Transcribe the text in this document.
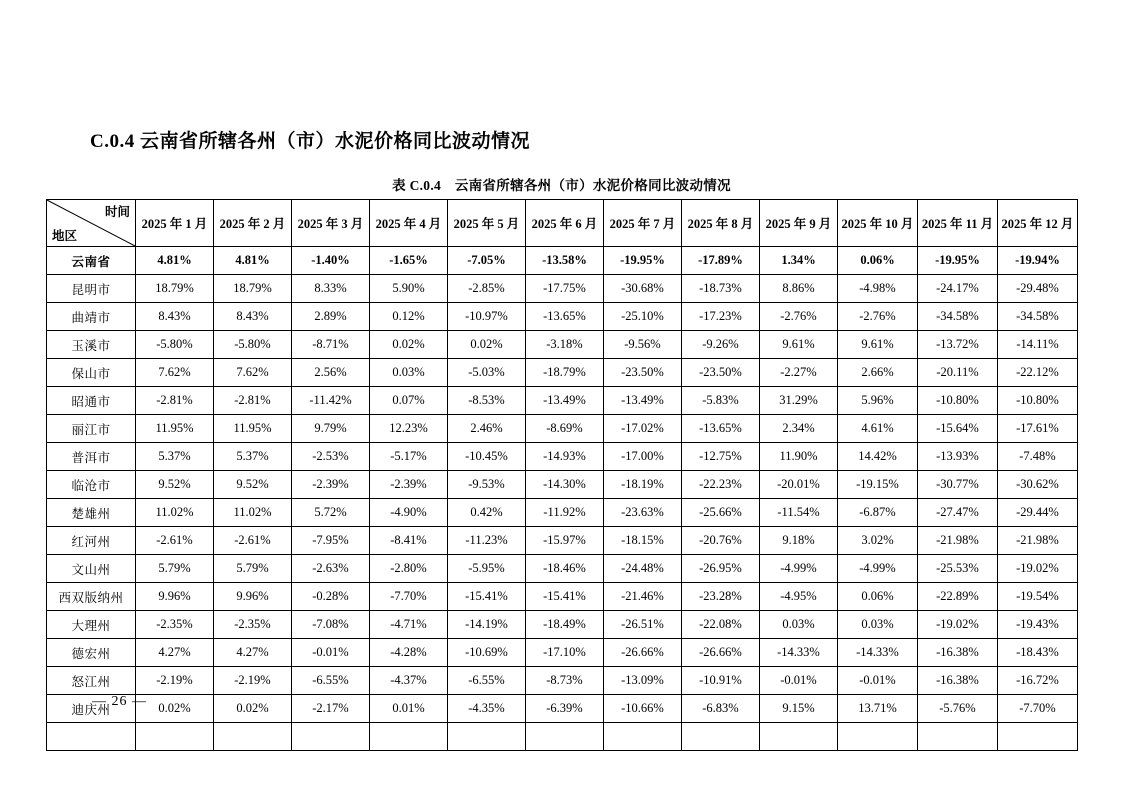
C.0.4 云南省所辖各州（市）水泥价格同比波动情况
表 C.0.4　云南省所辖各州（市）水泥价格同比波动情况
时间
地区	2025 年 1 月	2025 年 2 月	2025 年 3 月	2025 年 4 月	2025 年 5 月	2025 年 6 月	2025 年 7 月	2025 年 8 月	2025 年 9 月	2025 年 10 月	2025 年 11 月	2025 年 12 月
云南省	4.81%	4.81%	-1.40%	-1.65%	-7.05%	-13.58%	-19.95%	-17.89%	1.34%	0.06%	-19.95%	-19.94%
昆明市	18.79%	18.79%	8.33%	5.90%	-2.85%	-17.75%	-30.68%	-18.73%	8.86%	-4.98%	-24.17%	-29.48%
曲靖市	8.43%	8.43%	2.89%	0.12%	-10.97%	-13.65%	-25.10%	-17.23%	-2.76%	-2.76%	-34.58%	-34.58%
玉溪市	-5.80%	-5.80%	-8.71%	0.02%	0.02%	-3.18%	-9.56%	-9.26%	9.61%	9.61%	-13.72%	-14.11%
保山市	7.62%	7.62%	2.56%	0.03%	-5.03%	-18.79%	-23.50%	-23.50%	-2.27%	2.66%	-20.11%	-22.12%
昭通市	-2.81%	-2.81%	-11.42%	0.07%	-8.53%	-13.49%	-13.49%	-5.83%	31.29%	5.96%	-10.80%	-10.80%
丽江市	11.95%	11.95%	9.79%	12.23%	2.46%	-8.69%	-17.02%	-13.65%	2.34%	4.61%	-15.64%	-17.61%
普洱市	5.37%	5.37%	-2.53%	-5.17%	-10.45%	-14.93%	-17.00%	-12.75%	11.90%	14.42%	-13.93%	-7.48%
临沧市	9.52%	9.52%	-2.39%	-2.39%	-9.53%	-14.30%	-18.19%	-22.23%	-20.01%	-19.15%	-30.77%	-30.62%
楚雄州	11.02%	11.02%	5.72%	-4.90%	0.42%	-11.92%	-23.63%	-25.66%	-11.54%	-6.87%	-27.47%	-29.44%
红河州	-2.61%	-2.61%	-7.95%	-8.41%	-11.23%	-15.97%	-18.15%	-20.76%	9.18%	3.02%	-21.98%	-21.98%
文山州	5.79%	5.79%	-2.63%	-2.80%	-5.95%	-18.46%	-24.48%	-26.95%	-4.99%	-4.99%	-25.53%	-19.02%
西双版纳州	9.96%	9.96%	-0.28%	-7.70%	-15.41%	-15.41%	-21.46%	-23.28%	-4.95%	0.06%	-22.89%	-19.54%
大理州	-2.35%	-2.35%	-7.08%	-4.71%	-14.19%	-18.49%	-26.51%	-22.08%	0.03%	0.03%	-19.02%	-19.43%
德宏州	4.27%	4.27%	-0.01%	-4.28%	-10.69%	-17.10%	-26.66%	-26.66%	-14.33%	-14.33%	-16.38%	-18.43%
怒江州	-2.19%	-2.19%	-6.55%	-4.37%	-6.55%	-8.73%	-13.09%	-10.91%	-0.01%	-0.01%	-16.38%	-16.72%
迪庆州	0.02%	0.02%	-2.17%	0.01%	-4.35%	-6.39%	-10.66%	-6.83%	9.15%	13.71%	-5.76%	-7.70%

— 26 —
